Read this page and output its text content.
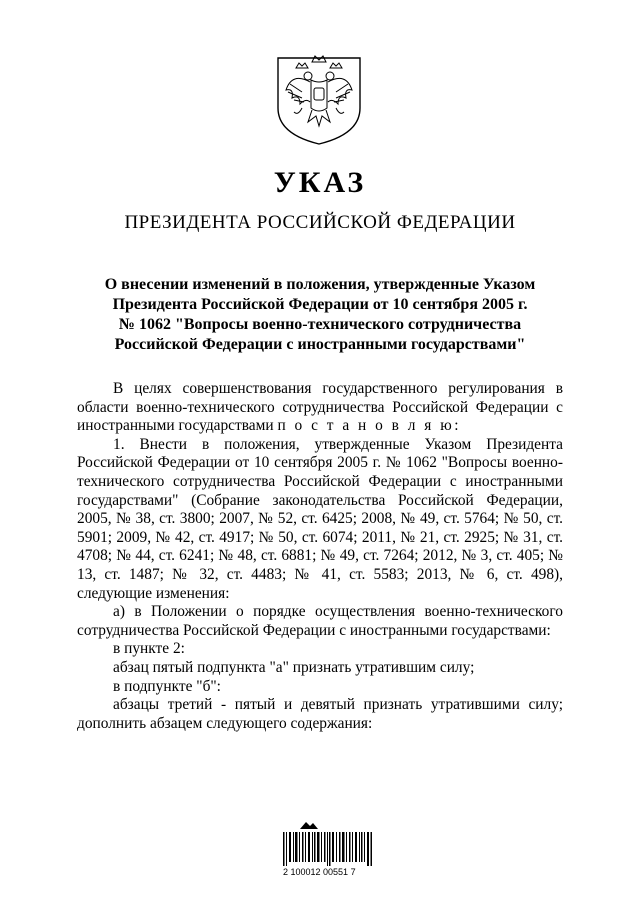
УКАЗ
ПРЕЗИДЕНТА РОССИЙСКОЙ ФЕДЕРАЦИИ
О внесении изменений в положения, утвержденные Указом
Президента Российской Федерации от 10 сентября 2005 г.
№ 1062 "Вопросы военно-технического сотрудничества
Российской Федерации с иностранными государствами"
В целях совершенствования государственного регулирования в области военно-технического сотрудничества Российской Федерации с иностранными государствами п о с т а н о в л я ю:
1. Внести в положения, утвержденные Указом Президента Российской Федерации от 10 сентября 2005 г. № 1062 "Вопросы военно-технического сотрудничества Российской Федерации с иностранными государствами" (Собрание законодательства Российской Федерации, 2005, № 38, ст. 3800; 2007, № 52, ст. 6425; 2008, № 49, ст. 5764; № 50, ст. 5901; 2009, № 42, ст. 4917; № 50, ст. 6074; 2011, № 21, ст. 2925; № 31, ст. 4708; № 44, ст. 6241; № 48, ст. 6881; № 49, ст. 7264; 2012, № 3, ст. 405; № 13, ст. 1487; № 32, ст. 4483; № 41, ст. 5583; 2013, № 6, ст. 498), следующие изменения:
а) в Положении о порядке осуществления военно-технического сотрудничества Российской Федерации с иностранными государствами:
в пункте 2:
абзац пятый подпункта "а" признать утратившим силу;
в подпункте "б":
абзацы третий - пятый и девятый признать утратившими силу;
дополнить абзацем следующего содержания:
2 100012 00551 7
